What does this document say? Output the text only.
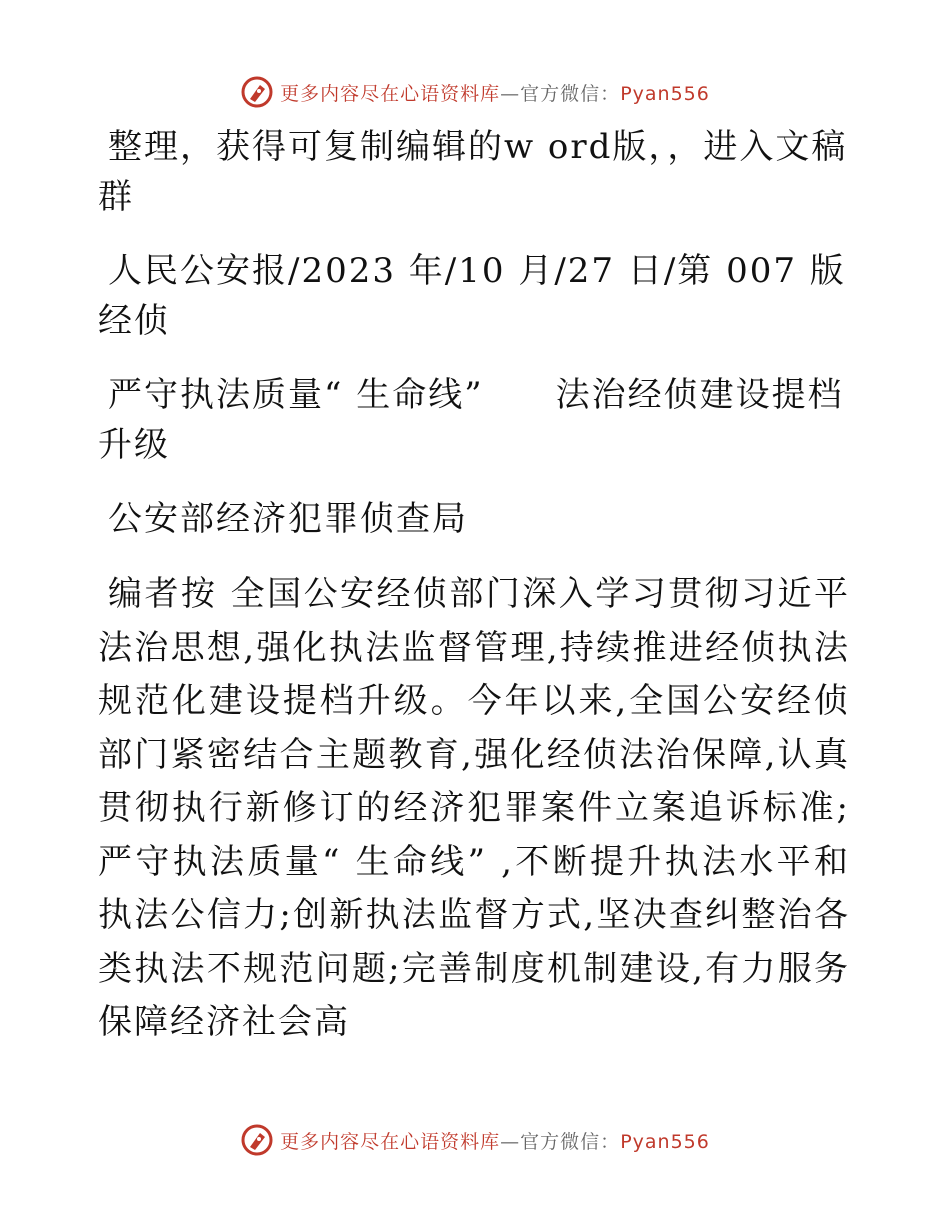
更多内容尽在心语资料库—官方微信：Pyan556

整理，获得可复制编辑的w ord版，，进入文稿群

人民公安报/2023 年/10 月/27 日/第 007 版经侦

严守执法质量“ 生命线”　　法治经侦建设提档升级

公安部经济犯罪侦查局

编者按 全国公安经侦部门深入学习贯彻习近平法治思想,强化执法监督管理,持续推进经侦执法规范化建设提档升级。今年以来,全国公安经侦部门紧密结合主题教育,强化经侦法治保障,认真贯彻执行新修订的经济犯罪案件立案追诉标准;严守执法质量“ 生命线” ,不断提升执法水平和执法公信力;创新执法监督方式,坚决查纠整治各类执法不规范问题;完善制度机制建设,有力服务保障经济社会高

更多内容尽在心语资料库—官方微信：Pyan556
